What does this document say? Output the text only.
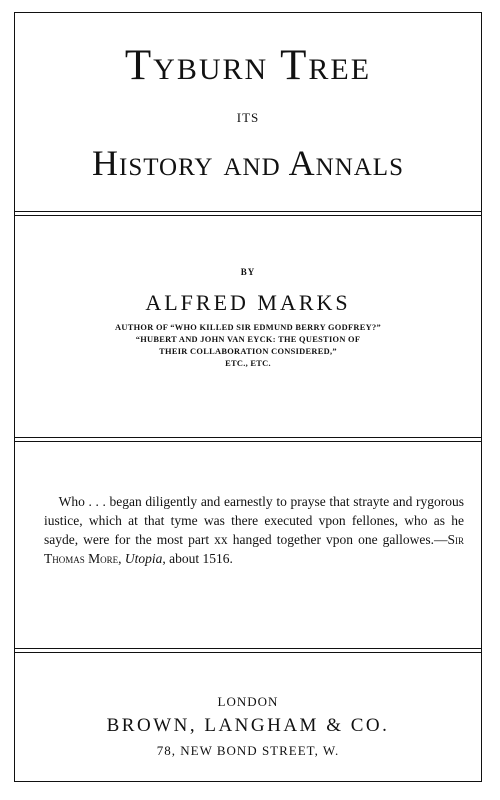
Tyburn Tree
ITS
History and Annals
BY
ALFRED MARKS
AUTHOR OF “WHO KILLED SIR EDMUND BERRY GODFREY?”
“HUBERT AND JOHN VAN EYCK: THE QUESTION OF
THEIR COLLABORATION CONSIDERED,”
ETC., ETC.

Who . . . began diligently and earnestly to prayse that strayte and rygorous iustice, which at that tyme was there executed vpon fellones, who as he sayde, were for the most part xx hanged together vpon one gallowes.—Sir Thomas More, Utopia, about 1516.

LONDON
BROWN, LANGHAM & CO.
78, NEW BOND STREET, W.
